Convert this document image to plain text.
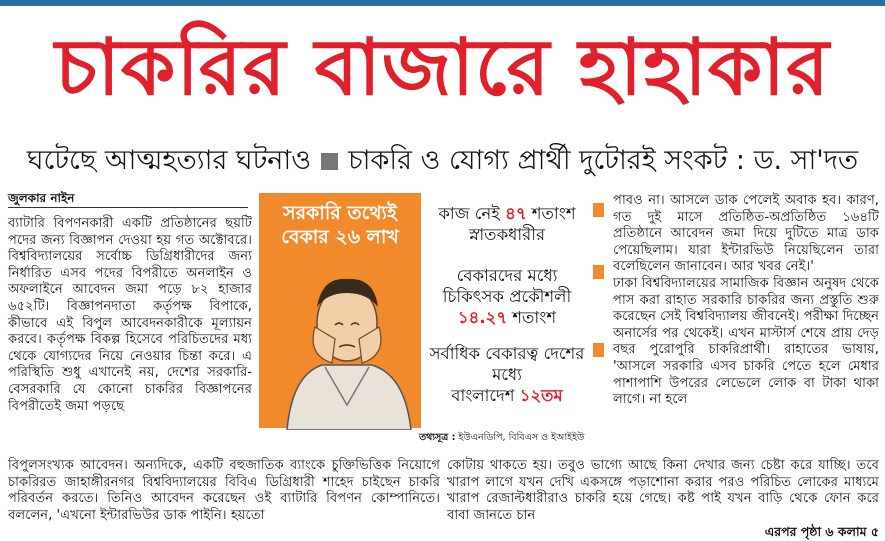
চাকরির বাজারে হাহাকার
ঘটেছে আত্মহত্যার ঘটনাও চাকরি ও যোগ্য প্রার্থী দুটোরই সংকট : ড. সা'দত
জুলকার নাইন

ব্যাটারি বিপণনকারী একটি প্রতিষ্ঠানের ছয়টি পদের জন্য বিজ্ঞাপন দেওয়া হয় গত অক্টোবরে। বিশ্ববিদ্যালয়ের সর্বোচ্চ ডিগ্রিধারীদের জন্য নির্ধারিত এসব পদের বিপরীতে অনলাইন ও অফলাইনে আবেদন জমা পড়ে ৮২ হাজার ৬৫২টি। বিজ্ঞাপনদাতা কর্তৃপক্ষ বিপাকে, কীভাবে এই বিপুল আবেদনকারীকে মূল্যায়ন করবে। কর্তৃপক্ষ বিকল্প হিসেবে পরিচিতদের মধ্য থেকে যোগ্যদের নিয়ে নেওয়ার চিন্তা করে। এ পরিস্থিতি শুধু এখানেই নয়, দেশের সরকারি-বেসরকারি যে কোনো চাকরির বিজ্ঞাপনের বিপরীতেই জমা পড়ছে

সরকারি তথ্যেই
বেকার ২৬ লাখ
কাজ নেই ৪৭ শতাংশ স্নাতকধারীর
বেকারদের মধ্যে চিকিৎসক প্রকৌশলী
১৪.২৭ শতাংশ
সর্বাধিক বেকারত্ব দেশের মধ্যে
বাংলাদেশ ১২তম
তথ্যসূত্র : ইউএনডিপি, বিবিএস ও ইআইইউ

পাবও না। আসলে ডাক পেলেই অবাক হব। কারণ, গত দুই মাসে প্রতিষ্ঠিত-অপ্রতিষ্ঠিত ১৬৪টি প্রতিষ্ঠানে আবেদন জমা দিয়ে দুটিতে মাত্র ডাক পেয়েছিলাম। যারা ইন্টারভিউ নিয়েছিলেন তারা বলেছিলেন জানাবেন। আর খবর নেই।'

ঢাকা বিশ্ববিদ্যালয়ের সামাজিক বিজ্ঞান অনুষদ থেকে পাস করা রাহাত সরকারি চাকরির জন্য প্রস্তুতি শুরু করেছেন সেই বিশ্ববিদ্যালয় জীবনেই। পরীক্ষা দিচ্ছেন অনার্সের পর থেকেই। এখন মাস্টার্স শেষে প্রায় দেড় বছর পুরোপুরি চাকরিপ্রার্থী। রাহাতের ভাষায়, 'আসলে সরকারি এসব চাকরি পেতে হলে মেধার পাশাপাশি উপরের লেভেলে লোক বা টাকা থাকা লাগে। না হলে

বিপুলসংখ্যক আবেদন। অন্যদিকে, একটি বহুজাতিক ব্যাংকে চুক্তিভিত্তিক নিয়োগে চাকরিরত জাহাঙ্গীরনগর বিশ্ববিদ্যালয়ের বিবিএ ডিগ্রিধারী শাহেদ চাইছেন চাকরি পরিবর্তন করতে। তিনিও আবেদন করেছেন ওই ব্যাটারি বিপণন কোম্পানিতে। বললেন, 'এখনো ইন্টারভিউর ডাক পাইনি। হয়তো

কোটায় থাকতে হয়। তবুও ভাগ্যে আছে কিনা দেখার জন্য চেষ্টা করে যাচ্ছি। তবে খারাপ লাগে যখন দেখি একসঙ্গে পড়াশোনা করার পরও পরিচিত লোকের মাধ্যমে খারাপ রেজাল্টধারীরাও চাকরি হয়ে গেছে। কষ্ট পাই যখন বাড়ি থেকে ফোন করে বাবা জানতে চান

এরপর পৃষ্ঠা ৬ কলাম ৫
